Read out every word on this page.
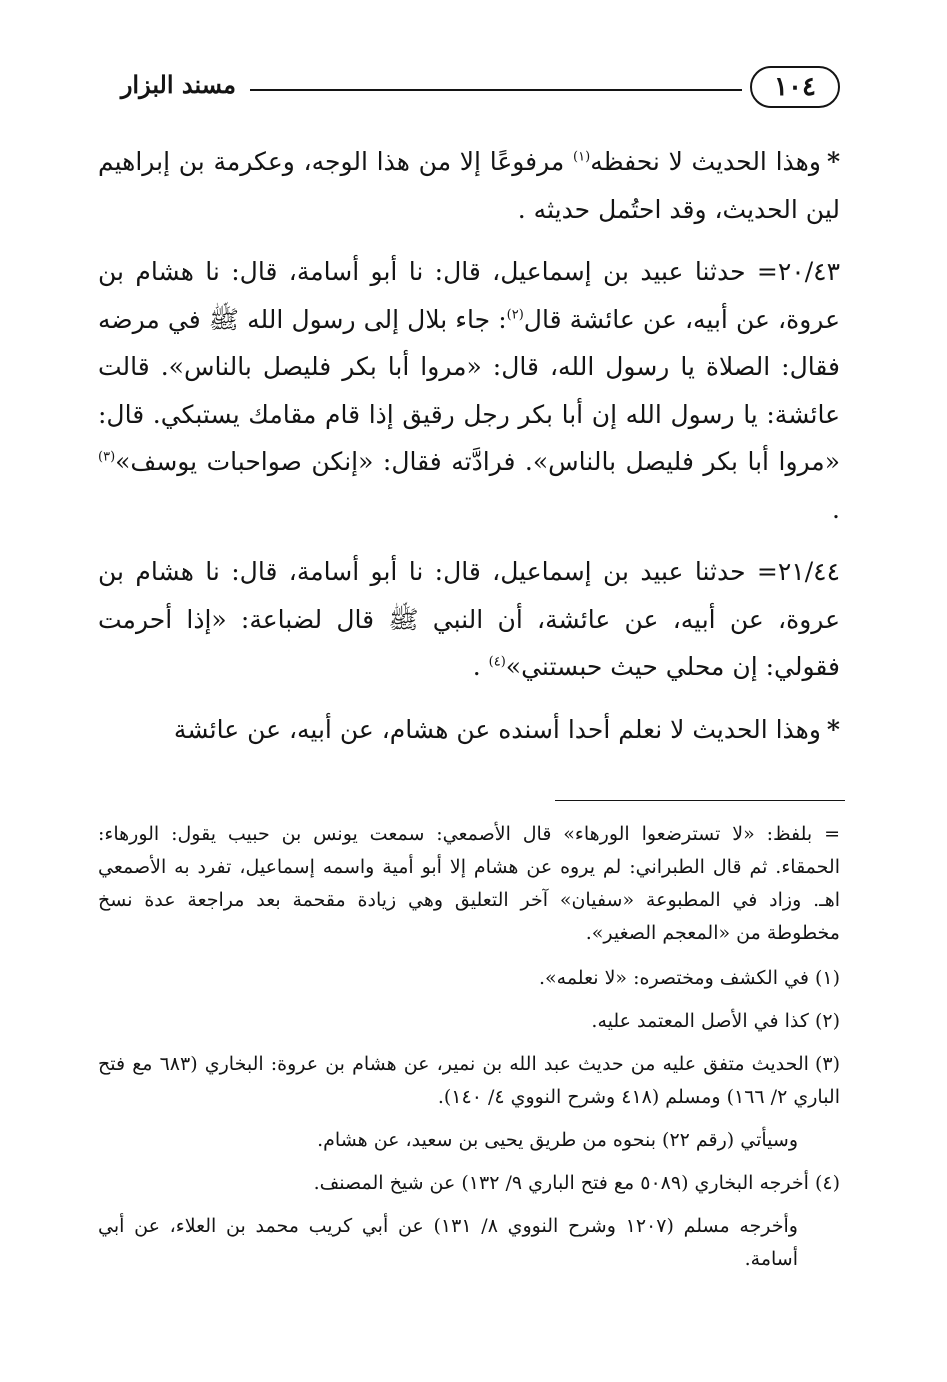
مسند البزار	١٠٤

*وهذا الحديث لا نحفظه$^{(١)}$ مرفوعًا إلا من هذا الوجه، وعكرمة بن إبراهيم لين الحديث، وقد احتُمل حديثه .

٢٠/٤٣= حدثنا عبيد بن إسماعيل، قال: نا أبو أسامة، قال: نا هشام بن عروة، عن أبيه، عن عائشة قال$^{(٢)}$: جاء بلال إلى رسول الله ﷺ في مرضه فقال: الصلاة يا رسول الله، قال: «مروا أبا بكر فليصل بالناس». قالت عائشة: يا رسول الله إن أبا بكر رجل رقيق إذا قام مقامك يستبكي. قال: «مروا أبا بكر فليصل بالناس». فرادَّته فقال: «إنكن صواحبات يوسف»$^{(٣)}$ .

٢١/٤٤= حدثنا عبيد بن إسماعيل، قال: نا أبو أسامة، قال: نا هشام بن عروة، عن أبيه، عن عائشة، أن النبي ﷺ قال لضباعة: «إذا أحرمت فقولي: إن محلي حيث حبستني»$^{(٤)}$ .

*وهذا الحديث لا نعلم أحدا أسنده عن هشام، عن أبيه، عن عائشة

= بلفظ: «لا تسترضعوا الورهاء» قال الأصمعي: سمعت يونس بن حبيب يقول: الورهاء: الحمقاء. ثم قال الطبراني: لم يروه عن هشام إلا أبو أمية واسمه إسماعيل، تفرد به الأصمعي اهـ. وزاد في المطبوعة «سفيان» آخر التعليق وهي زيادة مقحمة بعد مراجعة عدة نسخ مخطوطة من «المعجم الصغير».

(١)في الكشف ومختصره: «لا نعلمه».

(٢)كذا في الأصل المعتمد عليه.

(٣)الحديث متفق عليه من حديث عبد الله بن نمير، عن هشام بن عروة: البخاري (٦٨٣ مع فتح الباري ٢/ ١٦٦) ومسلم (٤١٨ وشرح النووي ٤/ ١٤٠).

وسيأتي (رقم ٢٢) بنحوه من طريق يحيى بن سعيد، عن هشام.

(٤)أخرجه البخاري (٥٠٨٩ مع فتح الباري ٩/ ١٣٢) عن شيخ المصنف.

وأخرجه مسلم (١٢٠٧ وشرح النووي ٨/ ١٣١) عن أبي كريب محمد بن العلاء، عن أبي أسامة.
